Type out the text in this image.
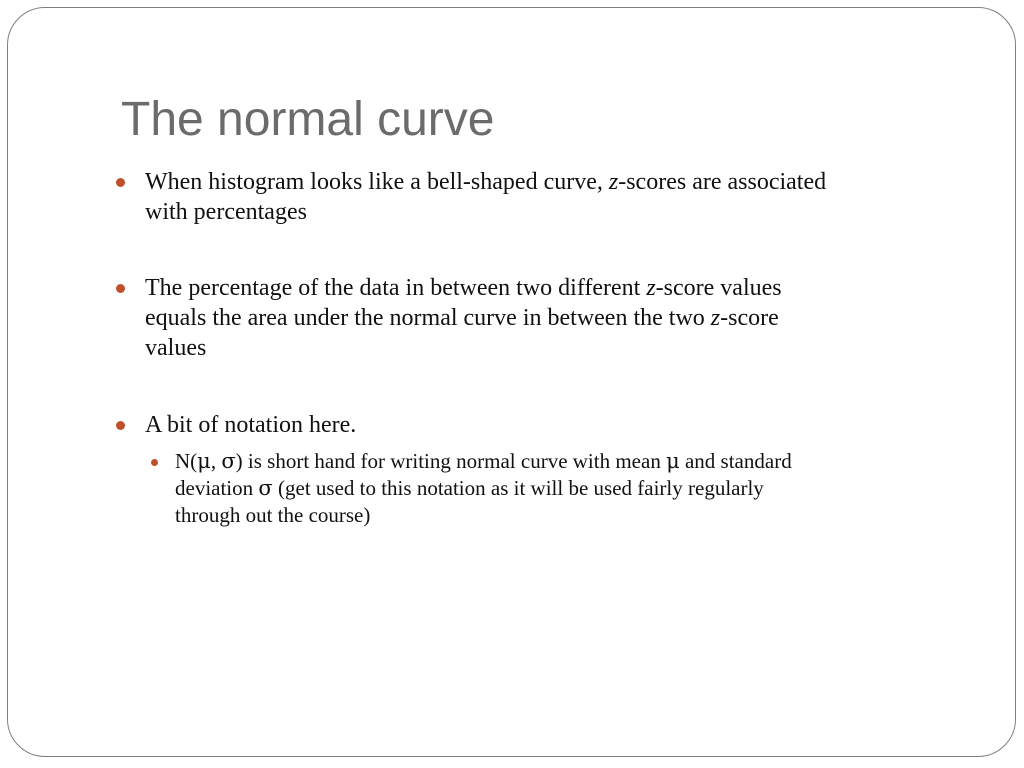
The normal curve
When histogram looks like a bell-shaped curve, z-scores are associated
with percentages
The percentage of the data in between two different z-score values
equals the area under the normal curve in between the two z-score
values
A bit of notation here.
N(μ, σ) is short hand for writing normal curve with mean μ and standard
deviation σ (get used to this notation as it will be used fairly regularly
through out the course)
